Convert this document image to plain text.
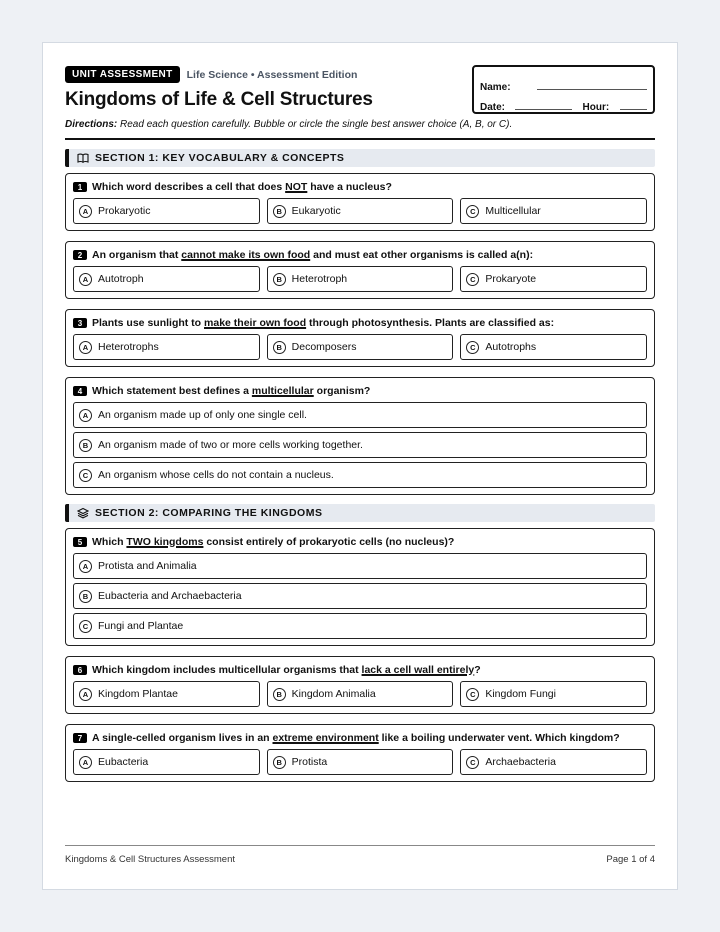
UNIT ASSESSMENT	Life Science • Assessment Edition
Kingdoms of Life & Cell Structures
Name:
Date:	Hour:
Directions: Read each question carefully. Bubble or circle the single best answer choice (A, B, or C).
SECTION 1: KEY VOCABULARY & CONCEPTS
1 Which word describes a cell that does NOT have a nucleus?
A Prokaryotic	B Eukaryotic	C Multicellular
2 An organism that cannot make its own food and must eat other organisms is called a(n):
A Autotroph	B Heterotroph	C Prokaryote
3 Plants use sunlight to make their own food through photosynthesis. Plants are classified as:
A Heterotrophs	B Decomposers	C Autotrophs
4 Which statement best defines a multicellular organism?
A An organism made up of only one single cell.
B An organism made of two or more cells working together.
C An organism whose cells do not contain a nucleus.
SECTION 2: COMPARING THE KINGDOMS
5 Which TWO kingdoms consist entirely of prokaryotic cells (no nucleus)?
A Protista and Animalia
B Eubacteria and Archaebacteria
C Fungi and Plantae
6 Which kingdom includes multicellular organisms that lack a cell wall entirely?
A Kingdom Plantae	B Kingdom Animalia	C Kingdom Fungi
7 A single-celled organism lives in an extreme environment like a boiling underwater vent. Which kingdom?
A Eubacteria	B Protista	C Archaebacteria
Kingdoms & Cell Structures Assessment	Page 1 of 4
